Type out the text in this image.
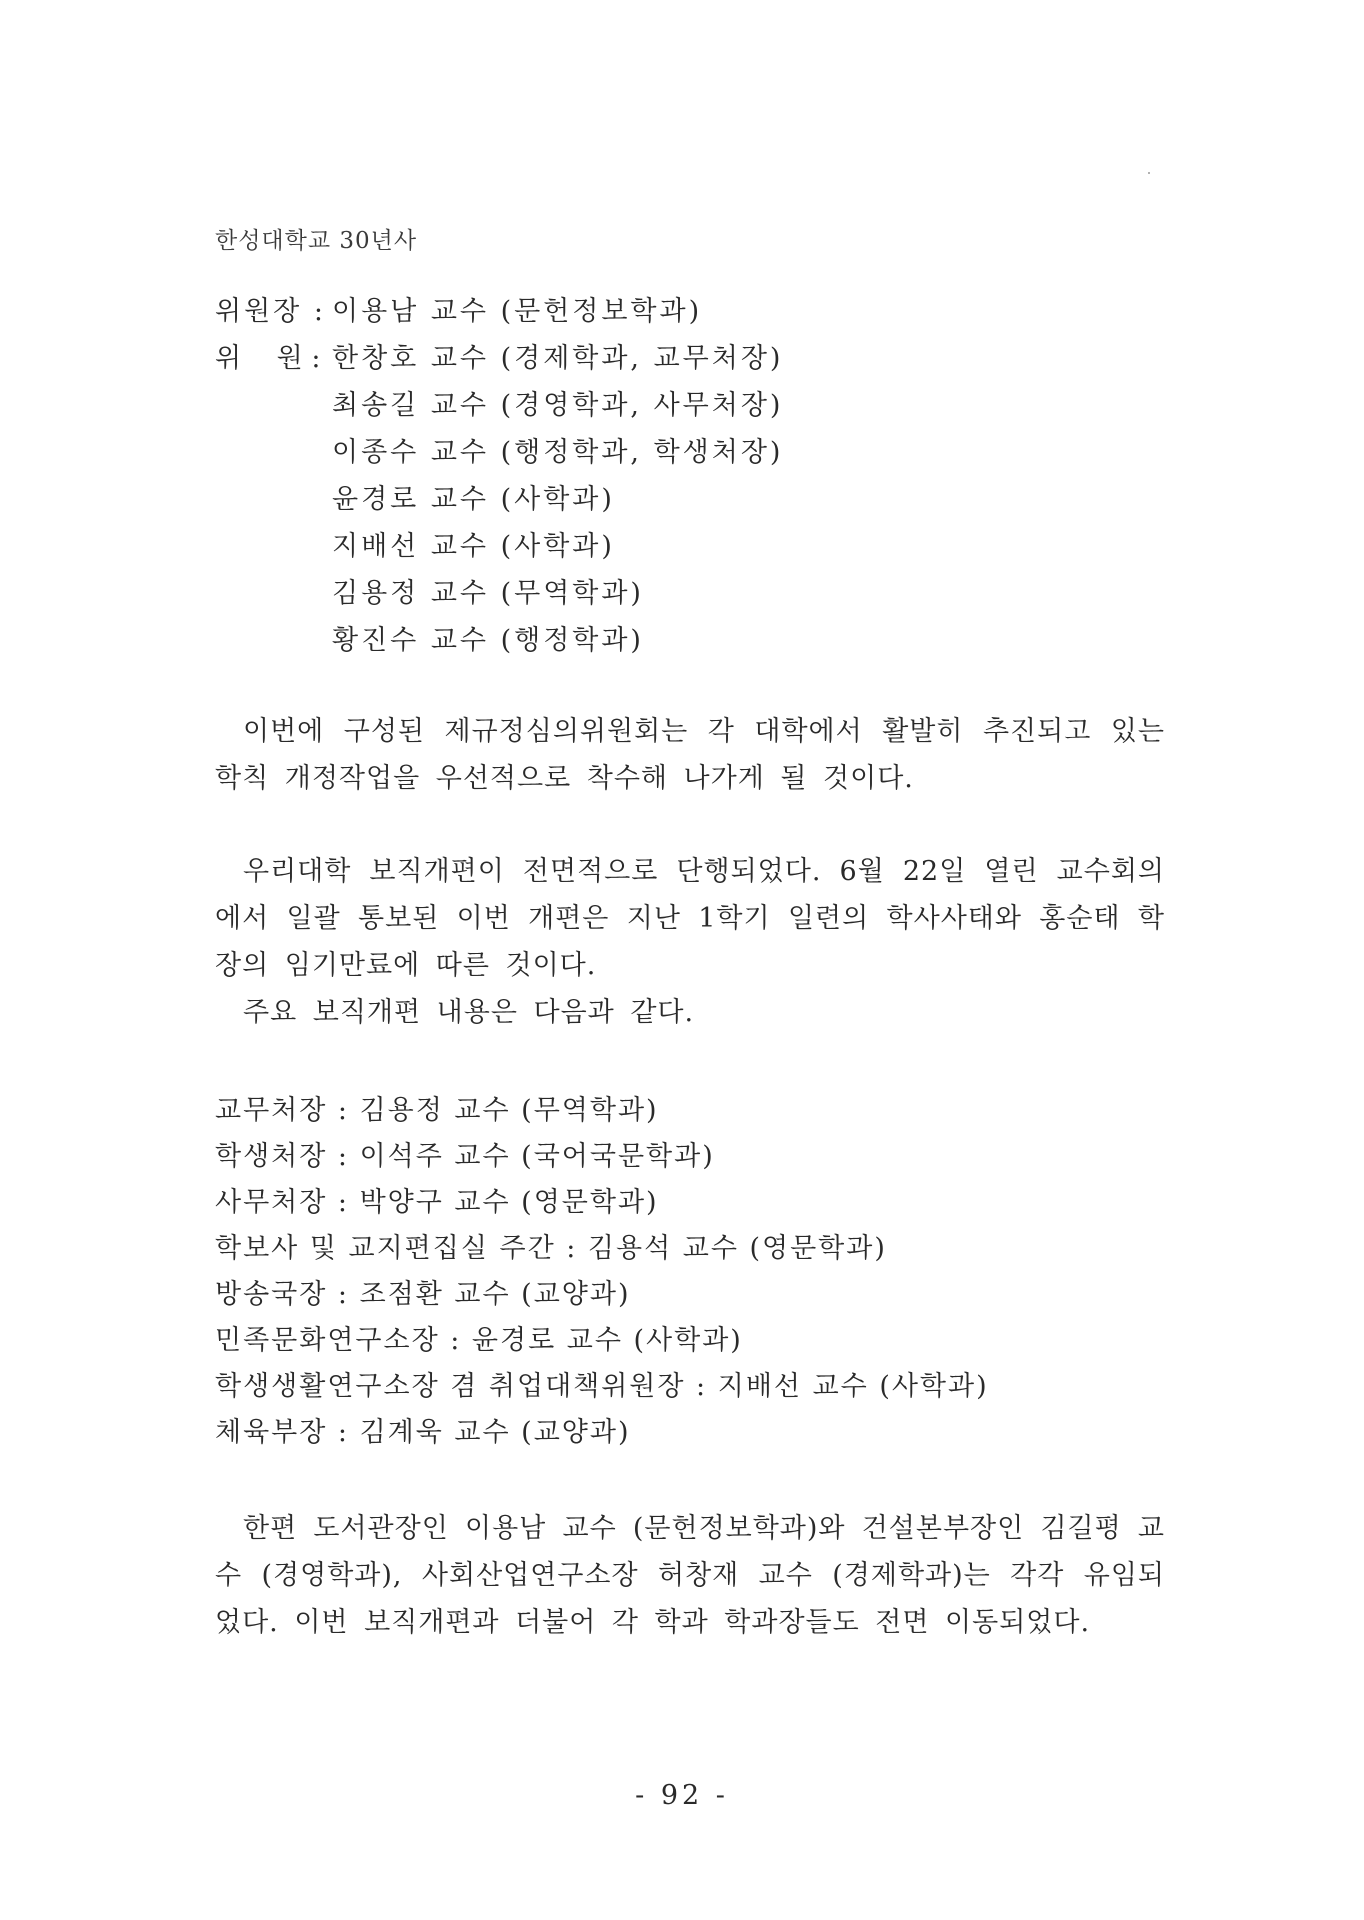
한성대학교 30년사
위원장 : 이용남 교수 (문헌정보학과)
위　 원 : 한창호 교수 (경제학과, 교무처장)
최송길 교수 (경영학과, 사무처장)
이종수 교수 (행정학과, 학생처장)
윤경로 교수 (사학과)
지배선 교수 (사학과)
김용정 교수 (무역학과)
황진수 교수 (행정학과)
이번에 구성된 제규정심의위원회는 각 대학에서 활발히 추진되고 있는 학칙 개정작업을 우선적으로 착수해 나가게 될 것이다.
우리대학 보직개편이 전면적으로 단행되었다. 6월 22일 열린 교수회의에서 일괄 통보된 이번 개편은 지난 1학기 일련의 학사사태와 홍순태 학장의 임기만료에 따른 것이다.
주요 보직개편 내용은 다음과 같다.
교무처장 : 김용정 교수 (무역학과)
학생처장 : 이석주 교수 (국어국문학과)
사무처장 : 박양구 교수 (영문학과)
학보사 및 교지편집실 주간 : 김용석 교수 (영문학과)
방송국장 : 조점환 교수 (교양과)
민족문화연구소장 : 윤경로 교수 (사학과)
학생생활연구소장 겸 취업대책위원장 : 지배선 교수 (사학과)
체육부장 : 김계욱 교수 (교양과)
한편 도서관장인 이용남 교수 (문헌정보학과)와 건설본부장인 김길평 교수 (경영학과), 사회산업연구소장 허창재 교수 (경제학과)는 각각 유임되었다. 이번 보직개편과 더불어 각 학과 학과장들도 전면 이동되었다.
- 92 -
